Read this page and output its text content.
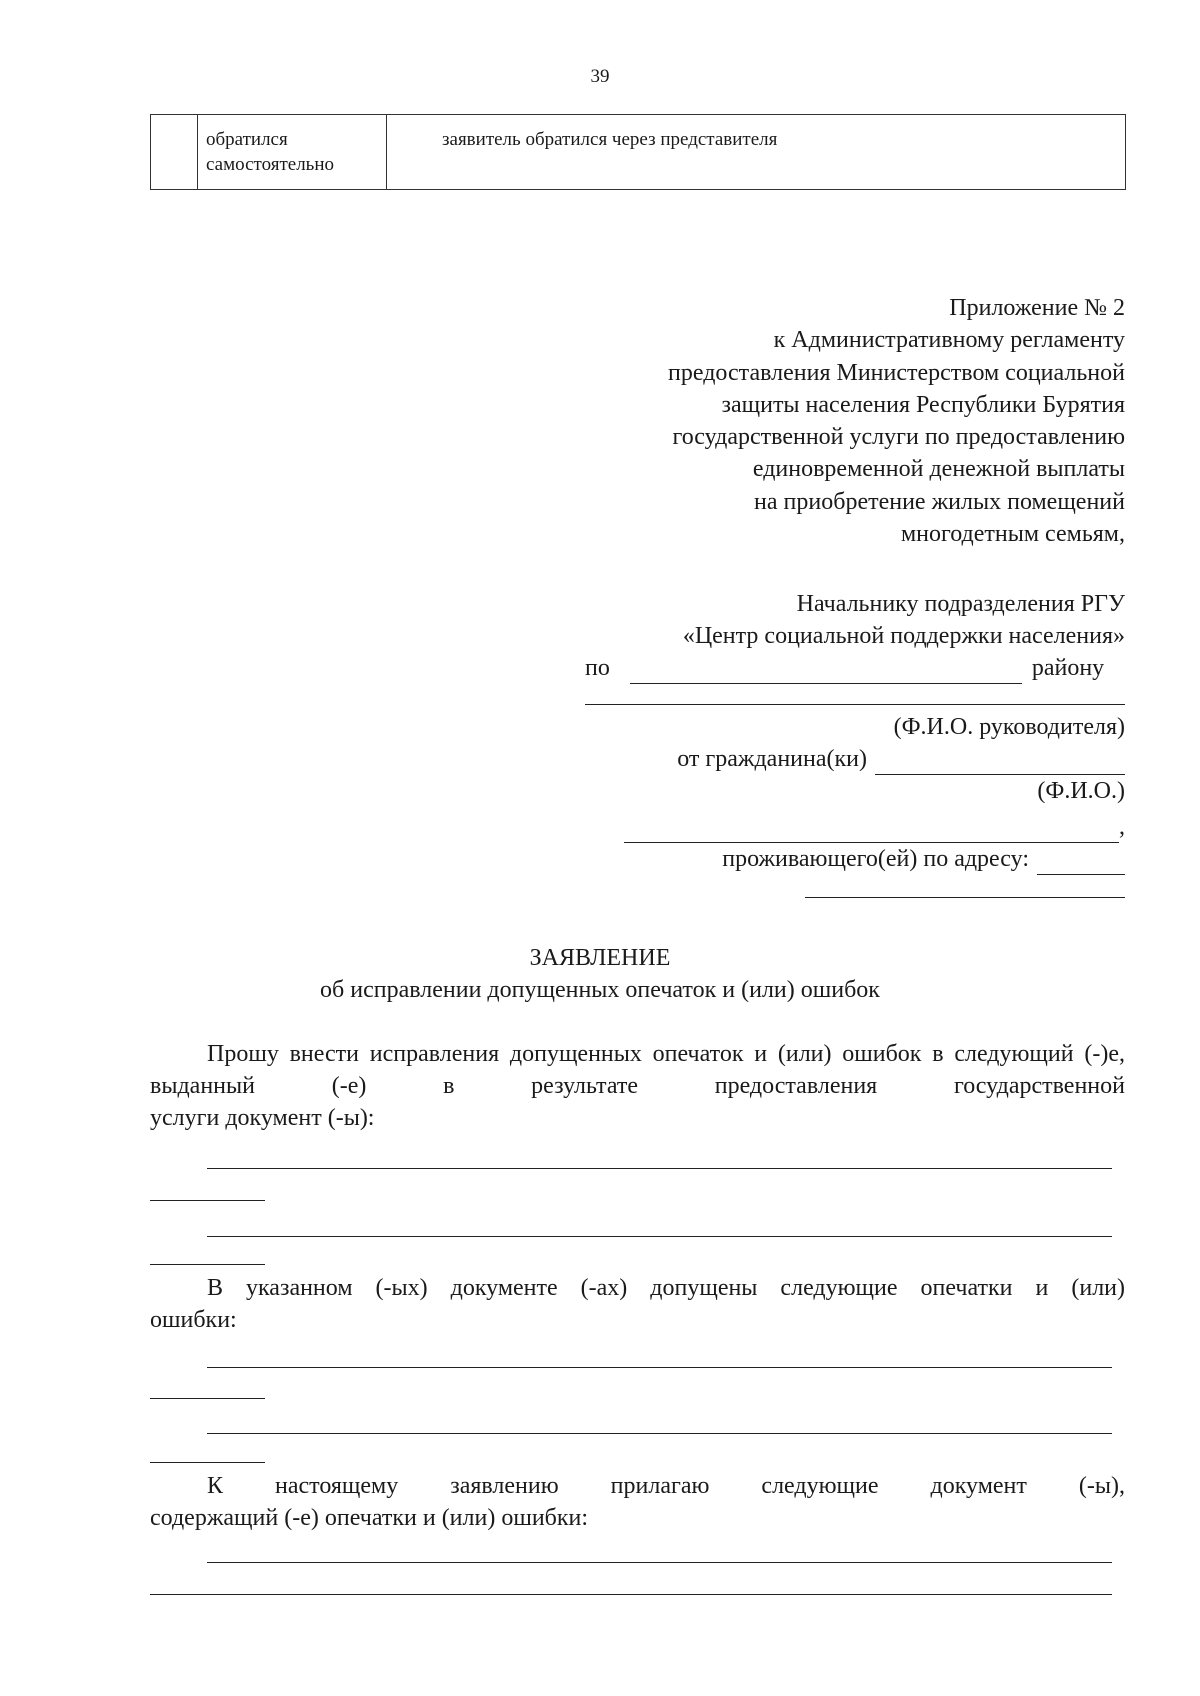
39

обратился
самостоятельно
	заявитель обратился через представителя
Приложение № 2
к Административному регламенту
предоставления Министерством социальной
защиты населения Республики Бурятия
государственной услуги по предоставлению
единовременной денежной выплаты
на приобретение жилых помещений
многодетным семьям,
Начальнику подразделения РГУ
«Центр социальной поддержки населения»
по	району
(Ф.И.О. руководителя)
от гражданина(ки)
(Ф.И.О.)
,
проживающего(ей) по адресу:
ЗАЯВЛЕНИЕ
об исправлении допущенных опечаток и (или) ошибок

Прошу внести исправления допущенных опечаток и (или) ошибок в следующий (-)е, выданный (-е) в результате предоставления государственной

услуги документ (-ы):

В указанном (-ых) документе (-ах) допущены следующие опечатки и (или)

ошибки:

К настоящему заявлению прилагаю следующие документ (-ы),

содержащий (-е) опечатки и (или) ошибки:
